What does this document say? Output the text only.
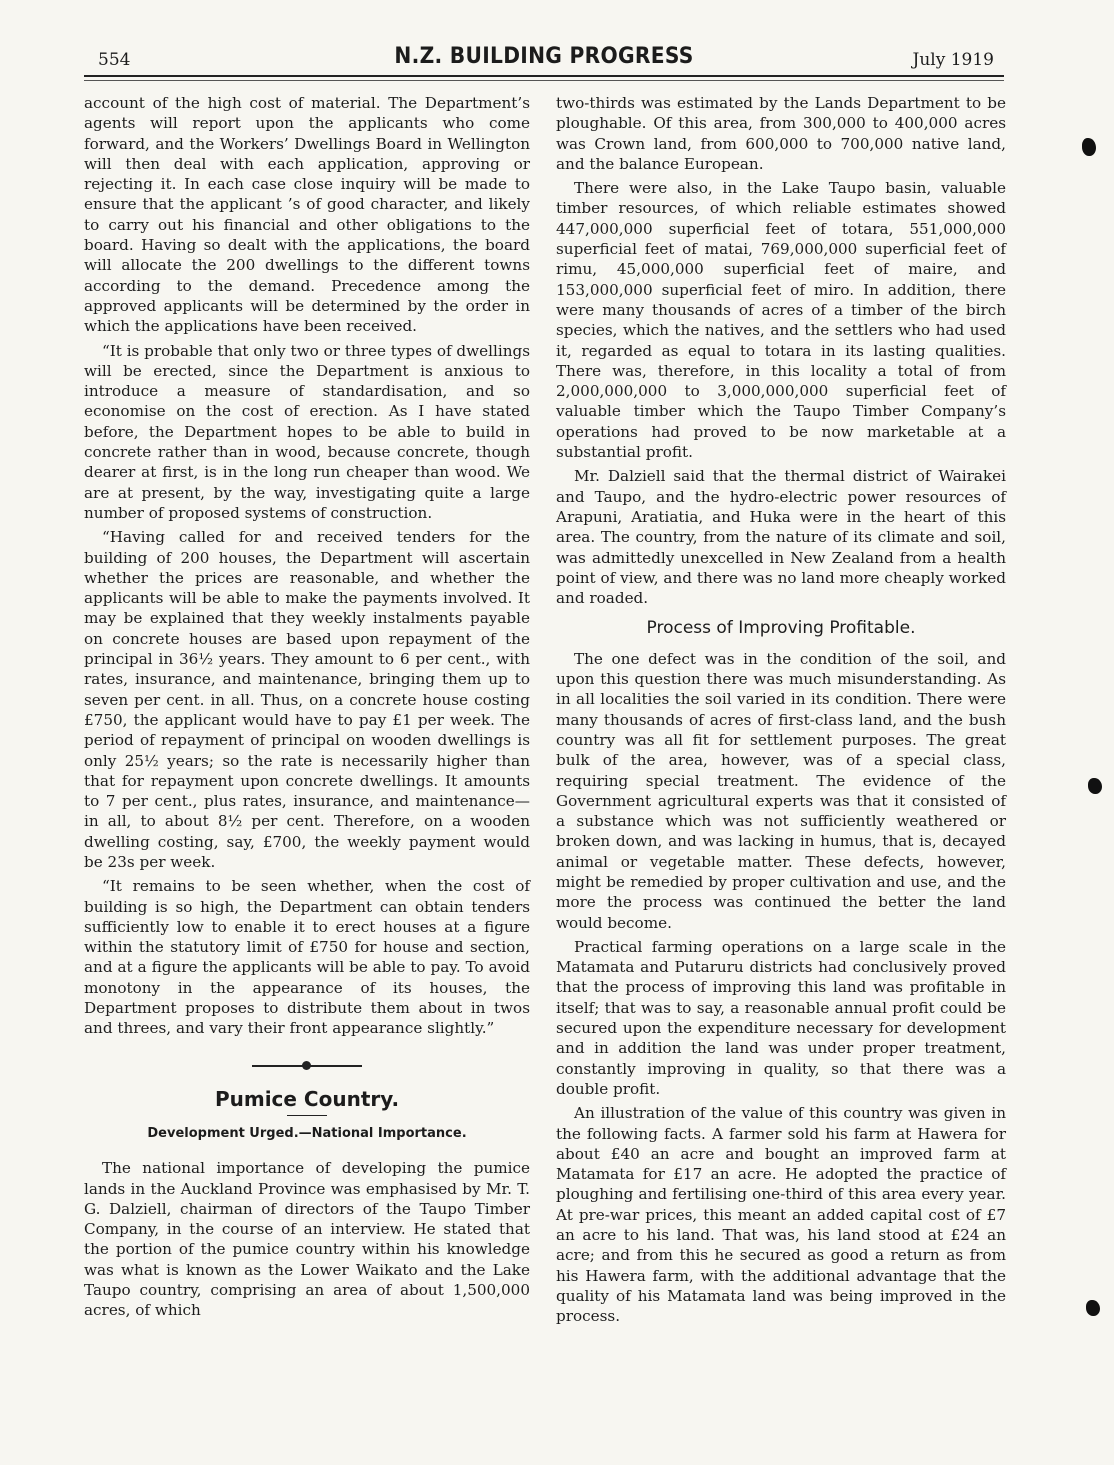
554	N.Z. BUILDING PROGRESS	July 1919

account of the high cost of material. The Department’s agents will report upon the applicants who come forward, and the Workers’ Dwellings Board in Wellington will then deal with each application, approving or rejecting it. In each case close inquiry will be made to ensure that the applicant ’s of good character, and likely to carry out his financial and other obligations to the board. Having so dealt with the applications, the board will allocate the 200 dwellings to the different towns according to the demand. Precedence among the approved applicants will be determined by the order in which the applications have been received.

“It is probable that only two or three types of dwellings will be erected, since the Department is anxious to introduce a measure of standardisation, and so economise on the cost of erection. As I have stated before, the Department hopes to be able to build in concrete rather than in wood, because concrete, though dearer at first, is in the long run cheaper than wood. We are at present, by the way, investigating quite a large number of proposed systems of construction.

“Having called for and received tenders for the building of 200 houses, the Department will ascertain whether the prices are reasonable, and whether the applicants will be able to make the payments involved. It may be explained that they weekly instalments payable on concrete houses are based upon repayment of the principal in 36½ years. They amount to 6 per cent., with rates, insurance, and maintenance, bringing them up to seven per cent. in all. Thus, on a concrete house costing £750, the applicant would have to pay £1 per week. The period of repayment of principal on wooden dwellings is only 25½ years; so the rate is necessarily higher than that for repayment upon concrete dwellings. It amounts to 7 per cent., plus rates, insurance, and maintenance—in all, to about 8½ per cent. Therefore, on a wooden dwelling costing, say, £700, the weekly payment would be 23s per week.

“It remains to be seen whether, when the cost of building is so high, the Department can obtain tenders sufficiently low to enable it to erect houses at a figure within the statutory limit of £750 for house and section, and at a figure the applicants will be able to pay. To avoid monotony in the appearance of its houses, the Department proposes to distribute them about in twos and threes, and vary their front appearance slightly.”

Pumice Country.
Development Urged.—National Importance.

The national importance of developing the pumice lands in the Auckland Province was emphasised by Mr. T. G. Dalziell, chairman of directors of the Taupo Timber Company, in the course of an interview. He stated that the portion of the pumice country within his knowledge was what is known as the Lower Waikato and the Lake Taupo country, comprising an area of about 1,500,000 acres, of which

two-thirds was estimated by the Lands Department to be ploughable. Of this area, from 300,000 to 400,000 acres was Crown land, from 600,000 to 700,000 native land, and the balance European.

There were also, in the Lake Taupo basin, valuable timber resources, of which reliable estimates showed 447,000,000 superficial feet of totara, 551,000,000 superficial feet of matai, 769,000,000 superficial feet of rimu, 45,000,000 superficial feet of maire, and 153,000,000 superficial feet of miro. In addition, there were many thousands of acres of a timber of the birch species, which the natives, and the settlers who had used it, regarded as equal to totara in its lasting qualities. There was, therefore, in this locality a total of from 2,000,000,000 to 3,000,000,000 superficial feet of valuable timber which the Taupo Timber Company’s operations had proved to be now marketable at a substantial profit.

Mr. Dalziell said that the thermal district of Wairakei and Taupo, and the hydro-electric power resources of Arapuni, Aratiatia, and Huka were in the heart of this area. The country, from the nature of its climate and soil, was admittedly unexcelled in New Zealand from a health point of view, and there was no land more cheaply worked and roaded.

Process of Improving Profitable.

The one defect was in the condition of the soil, and upon this question there was much misunderstanding. As in all localities the soil varied in its condition. There were many thousands of acres of first-class land, and the bush country was all fit for settlement purposes. The great bulk of the area, however, was of a special class, requiring special treatment. The evidence of the Government agricultural experts was that it consisted of a substance which was not sufficiently weathered or broken down, and was lacking in humus, that is, decayed animal or vegetable matter. These defects, however, might be remedied by proper cultivation and use, and the more the process was continued the better the land would become.

Practical farming operations on a large scale in the Matamata and Putaruru districts had conclusively proved that the process of improving this land was profitable in itself; that was to say, a reasonable annual profit could be secured upon the expenditure necessary for development and in addition the land was under proper treatment, constantly improving in quality, so that there was a double profit.

An illustration of the value of this country was given in the following facts. A farmer sold his farm at Hawera for about £40 an acre and bought an improved farm at Matamata for £17 an acre. He adopted the practice of ploughing and fertilising one-third of this area every year. At pre-war prices, this meant an added capital cost of £7 an acre to his land. That was, his land stood at £24 an acre; and from this he secured as good a return as from his Hawera farm, with the additional advantage that the quality of his Matamata land was being improved in the process.
